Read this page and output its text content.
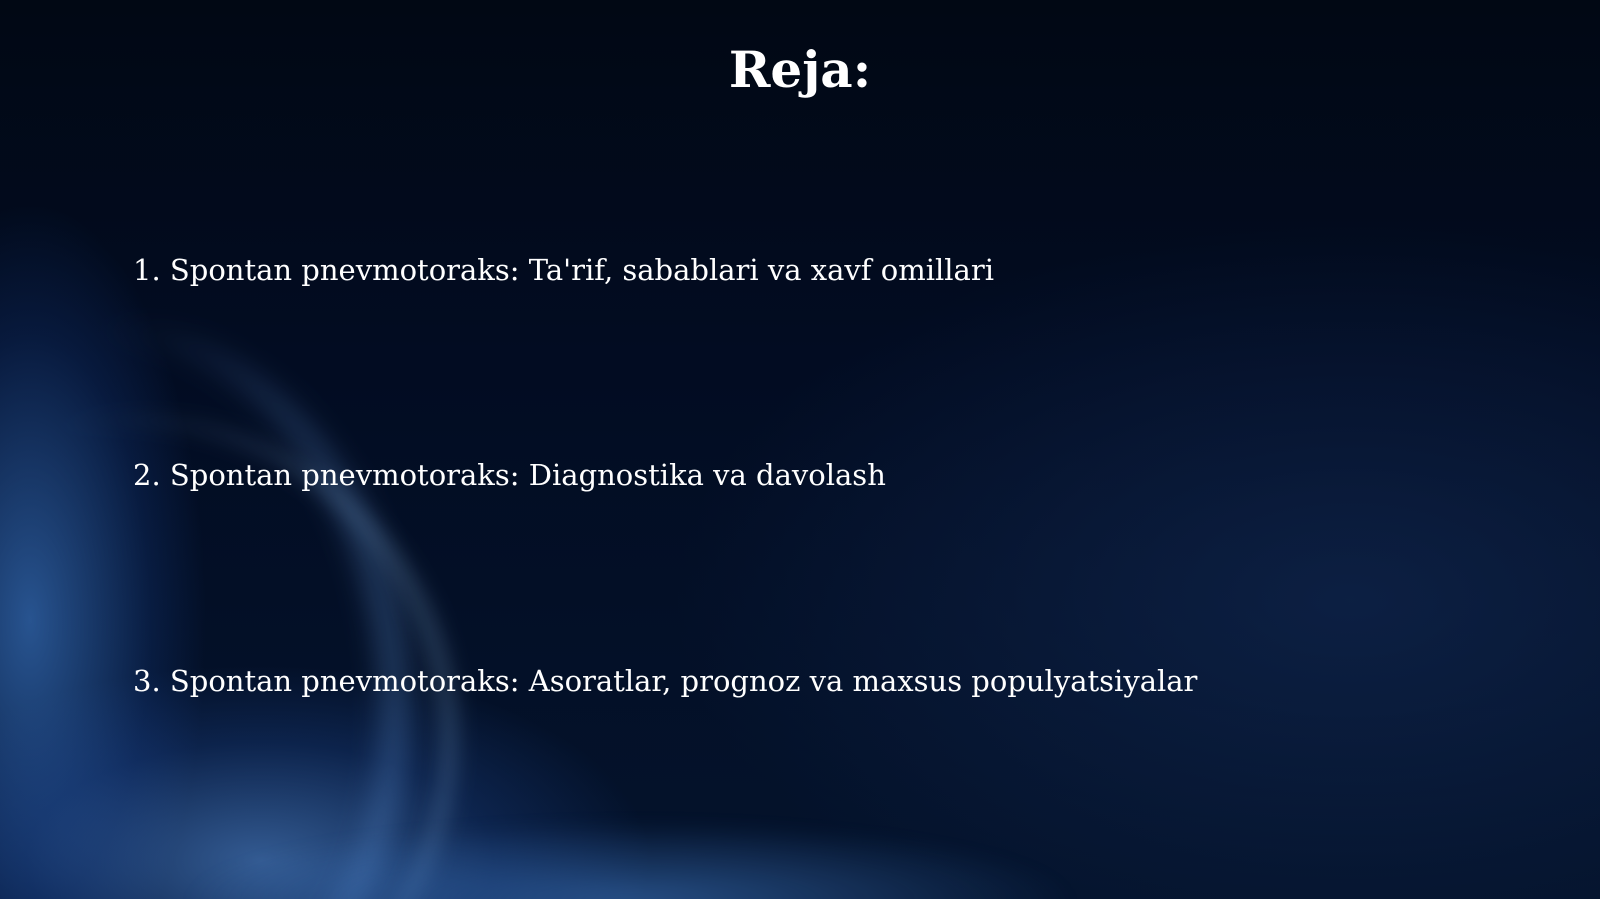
Reja:
1. Spontan pnevmotoraks: Ta'rif, sabablari va xavf omillari
2. Spontan pnevmotoraks: Diagnostika va davolash
3. Spontan pnevmotoraks: Asoratlar, prognoz va maxsus populyatsiyalar
